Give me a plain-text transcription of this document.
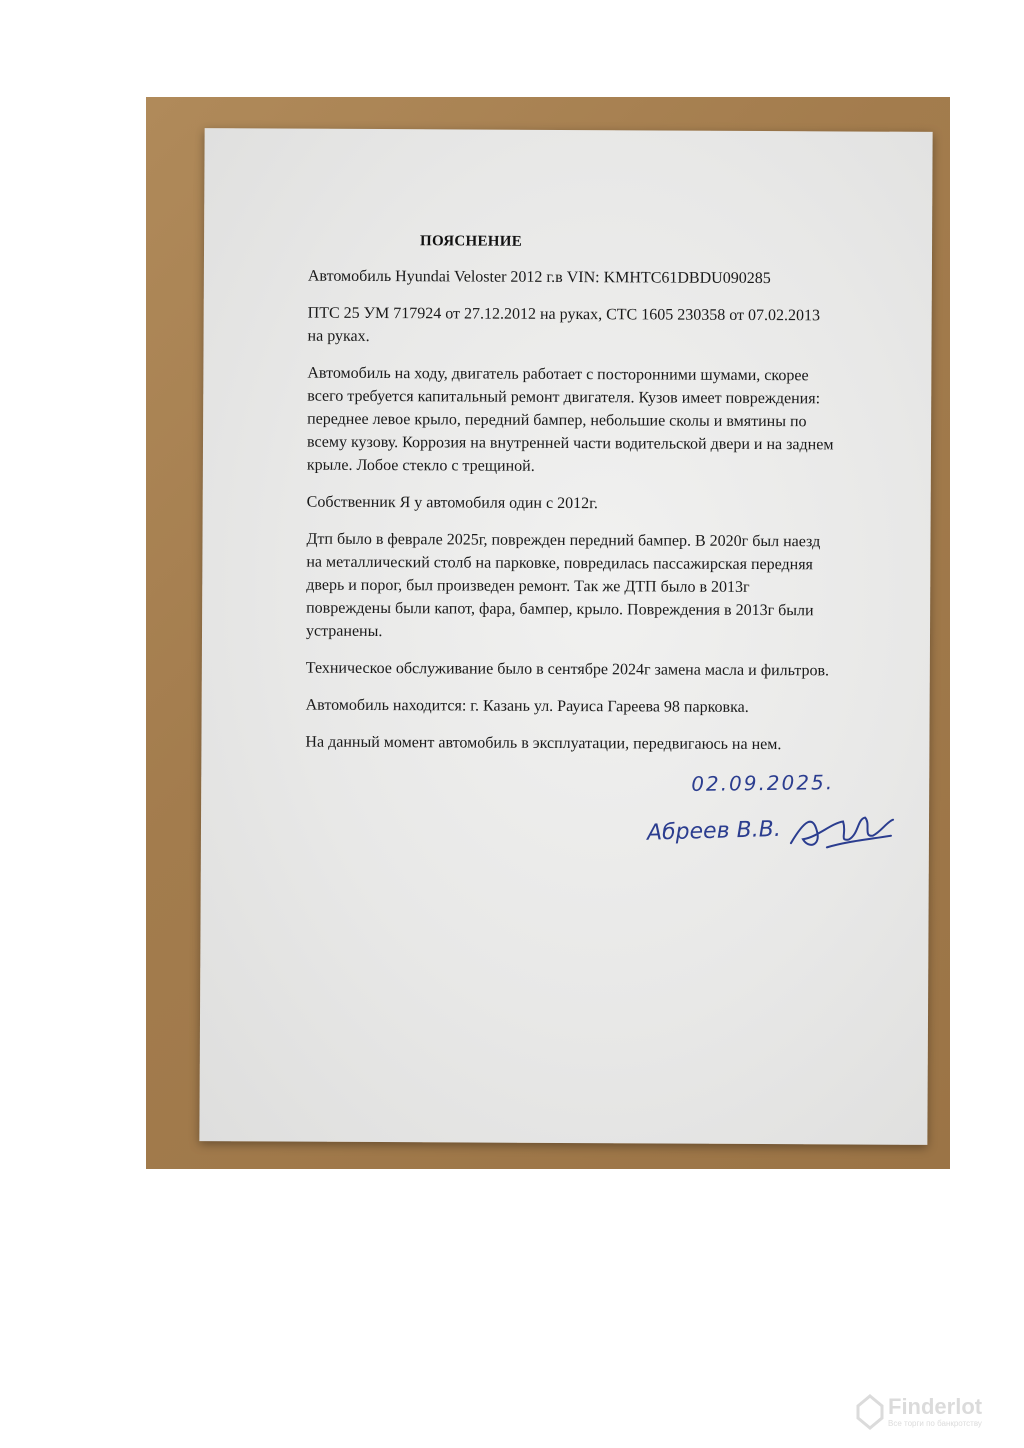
ПОЯСНЕНИЕ

Автомобиль Hyundai Veloster 2012 г.в VIN: KMHTC61DBDU090285

ПТС 25 УМ 717924 от 27.12.2012 на руках, СТС 1605 230358 от 07.02.2013

на руках.

Автомобиль на ходу, двигатель работает с посторонними шумами, скорее

всего требуется капитальный ремонт двигателя. Кузов имеет повреждения:

переднее левое крыло, передний бампер, небольшие сколы и вмятины по

всему кузову. Коррозия на внутренней части водительской двери и на заднем

крыле. Лобое стекло с трещиной.

Собственник Я у автомобиля один с 2012г.

Дтп было в феврале 2025г, поврежден передний бампер. В 2020г был наезд

на металлический столб на парковке, повредилась пассажирская передняя

дверь и порог, был произведен ремонт. Так же ДТП было в 2013г

повреждены были капот, фара, бампер, крыло. Повреждения в 2013г были

устранены.

Техническое обслуживание было в сентябре 2024г замена масла и фильтров.

Автомобиль находится: г. Казань ул. Рауиса Гареева 98 парковка.

На данный момент автомобиль в эксплуатации, передвигаюсь на нем.

02.09.2025.
Абреев В.В.
Finderlot
Все торги по банкротству
